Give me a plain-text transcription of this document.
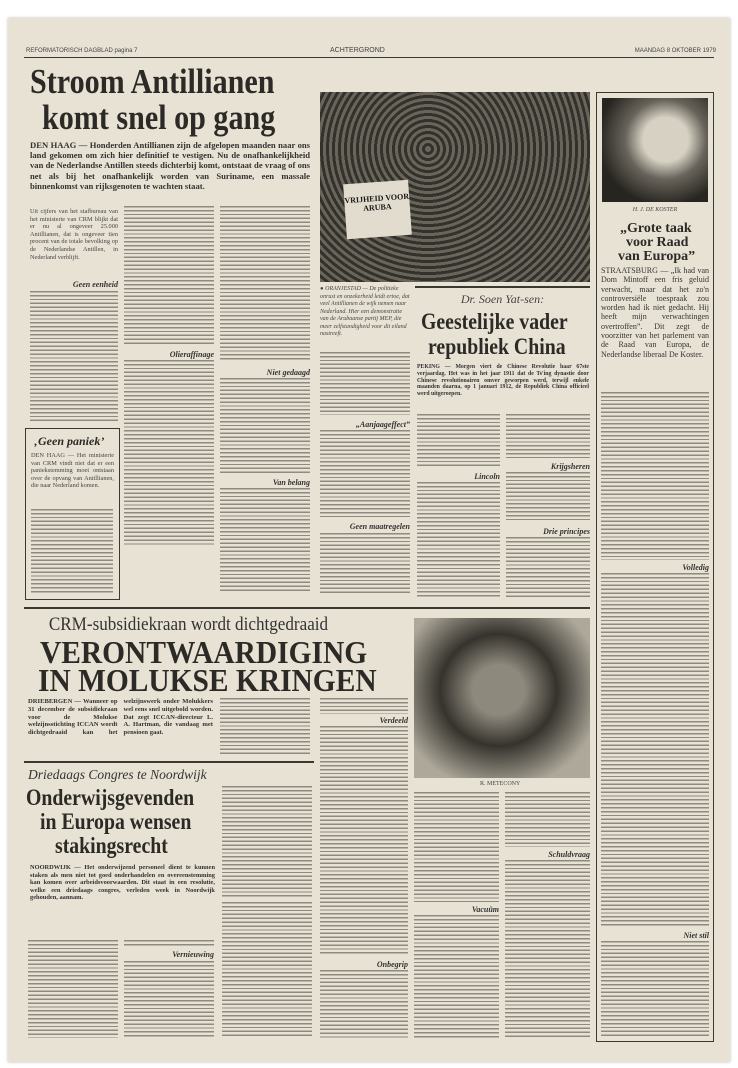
REFORMATORISCH DAGBLAD pagina 7	ACHTERGROND	MAANDAG 8 OKTOBER 1979
Stroom Antillianen
komt snel op gang
DEN HAAG — Honderden Antillianen zijn de afgelopen maanden naar ons land gekomen om zich hier definitief te vestigen. Nu de onafhankelijkheid van de Nederlandse Antillen steeds dichterbij komt, ontstaat de vraag of ons net als bij het onafhankelijk worden van Suriname, een massale binnenkomst van rijksgenoten te wachten staat.
Uit cijfers van het stafbureau van het ministerie van CRM blijkt dat er nu al ongeveer 25.000 Antillianen, dat is ongeveer tien procent van de totale bevolking op de Nederlandse Antillen, in Nederland verblijft.
Geen eenheid
Olieraffinage
Niet gedaagd
Van belang
‚Geen paniek’
DEN HAAG — Het ministerie van CRM vindt niet dat er een paniekstemming moet ontstaan over de opvang van Antillianen, die naar Nederland komen.
VRIJHEID VOOR ARUBA
● ORANJESTAD — De politieke onrust en onzekerheid leidt ertoe, dat veel Antillianen de wijk nemen naar Nederland. Hier een demonstratie van de Arubaanse partij MEP, die meer zelfstandigheid voor dit eiland nastreeft.
„Aanjaageffect”
Geen maatregelen
Dr. Soen Yat-sen:
Geestelijke vader
republiek China
PEKING — Morgen viert de Chinese Revolutie haar 67ste verjaardag. Het was in het jaar 1911 dat de Ts'ing dynastie door Chinese revolutionairen omver geworpen werd, terwijl enkele maanden daarna, op 1 januari 1912, de Republiek China officieel werd uitgeroepen.
Lincoln
Krijgsheren
Drie principes
H. J. DE KOSTER
„Grote taak
voor Raad
van Europa”
STRAATSBURG — „Ik had van Dom Mintoff een fris geluid verwacht, maar dat het zo'n controversiële toespraak zou worden had ik niet gedacht. Hij heeft mijn verwachtingen overtroffen”. Dit zegt de voorzitter van het parlement van de Raad van Europa, de Nederlandse liberaal De Koster.
Volledig
Niet stil
CRM-subsidiekraan wordt dichtgedraaid
VERONTWAARDIGING
IN MOLUKSE KRINGEN
DRIEBERGEN — Wanneer op 31 december de subsidiekraan voor de Molukse welzijnsstichting ICCAN wordt dichtgedraaid kan het welzijnswerk onder Molukkers wel eens snel uitgebold worden. Dat zegt ICCAN-directeur L. A. Hartman, die vandaag met pensioen gaat.
Verdeeld
R. METECONY
Onbegrip
Vacuüm
Schuldvraag
Driedaags Congres te Noordwijk
Onderwijsgevenden
in Europa wensen
stakingsrecht
NOORDWIJK — Het onderwijzend personeel dient te kunnen staken als men niet tot goed onderhandelen en overeenstemming kan komen over arbeidsvoorwaarden. Dit staat in een resolutie, welke een driedaags congres, verleden week in Noordwijk gehouden, aannam.
Vernieuwing
